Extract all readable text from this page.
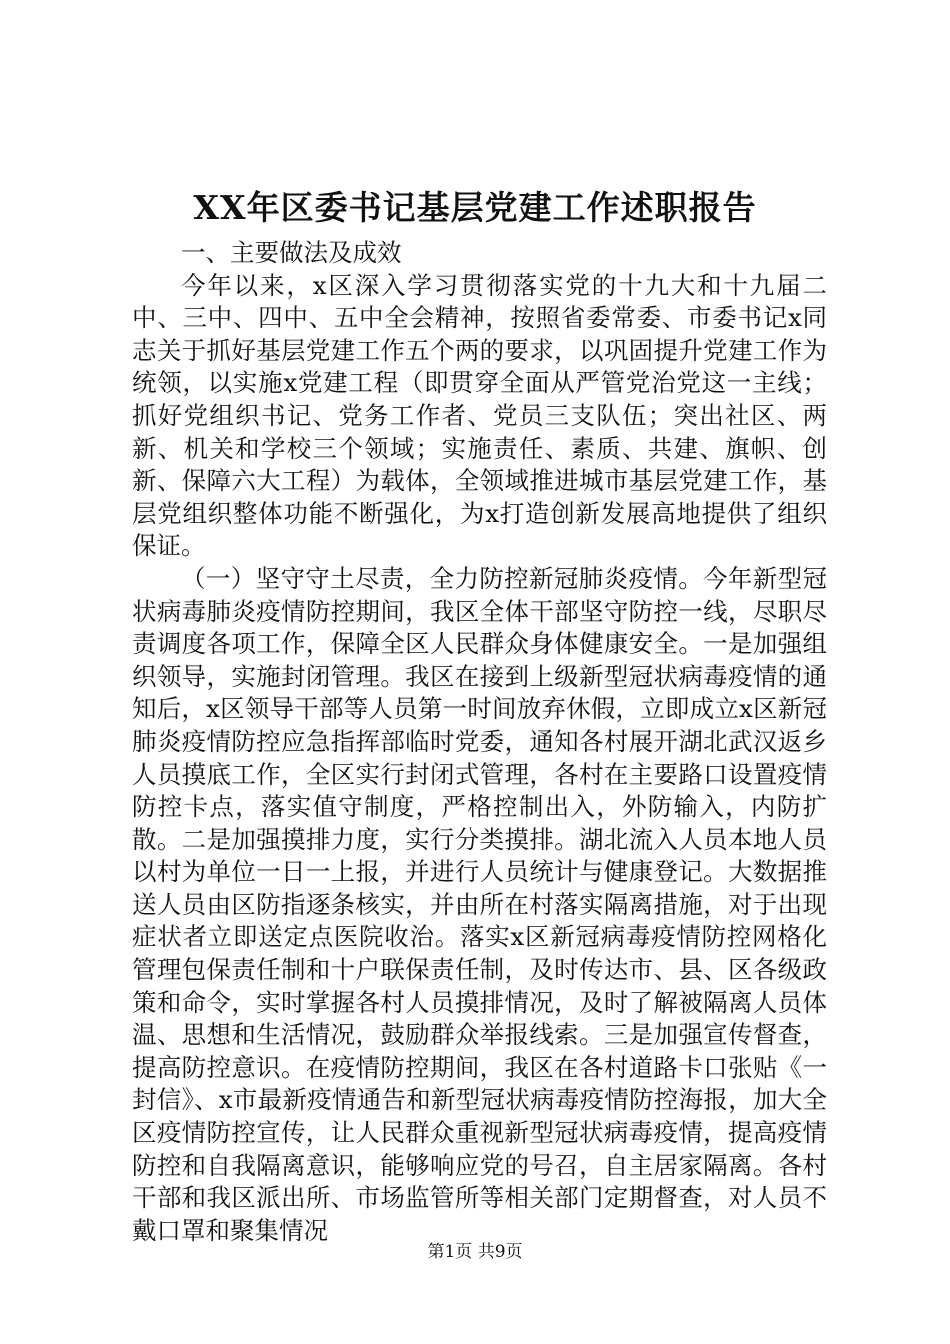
XX年区委书记基层党建工作述职报告

一、主要做法及成效

今年以来，x区深入学习贯彻落实党的十九大和十九届二中、三中、四中、五中全会精神，按照省委常委、市委书记x同志关于抓好基层党建工作五个两的要求，以巩固提升党建工作为统领，以实施x党建工程（即贯穿全面从严管党治党这一主线；抓好党组织书记、党务工作者、党员三支队伍；突出社区、两新、机关和学校三个领域；实施责任、素质、共建、旗帜、创新、保障六大工程）为载体，全领域推进城市基层党建工作，基层党组织整体功能不断强化，为x打造创新发展高地提供了组织保证。

（一）坚守守土尽责，全力防控新冠肺炎疫情。今年新型冠状病毒肺炎疫情防控期间，我区全体干部坚守防控一线，尽职尽责调度各项工作，保障全区人民群众身体健康安全。一是加强组织领导，实施封闭管理。我区在接到上级新型冠状病毒疫情的通知后，x区领导干部等人员第一时间放弃休假，立即成立x区新冠肺炎疫情防控应急指挥部临时党委，通知各村展开湖北武汉返乡人员摸底工作，全区实行封闭式管理，各村在主要路口设置疫情防控卡点，落实值守制度，严格控制出入，外防输入，内防扩散。二是加强摸排力度，实行分类摸排。湖北流入人员本地人员以村为单位一日一上报，并进行人员统计与健康登记。大数据推送人员由区防指逐条核实，并由所在村落实隔离措施，对于出现症状者立即送定点医院收治。落实x区新冠病毒疫情防控网格化管理包保责任制和十户联保责任制，及时传达市、县、区各级政策和命令，实时掌握各村人员摸排情况，及时了解被隔离人员体温、思想和生活情况，鼓励群众举报线索。三是加强宣传督查，提高防控意识。在疫情防控期间，我区在各村道路卡口张贴《一封信》、x市最新疫情通告和新型冠状病毒疫情防控海报，加大全区疫情防控宣传，让人民群众重视新型冠状病毒疫情，提高疫情防控和自我隔离意识，能够响应党的号召，自主居家隔离。各村干部和我区派出所、市场监管所等相关部门定期督查，对人员不戴口罩和聚集情况

第1页 共9页
